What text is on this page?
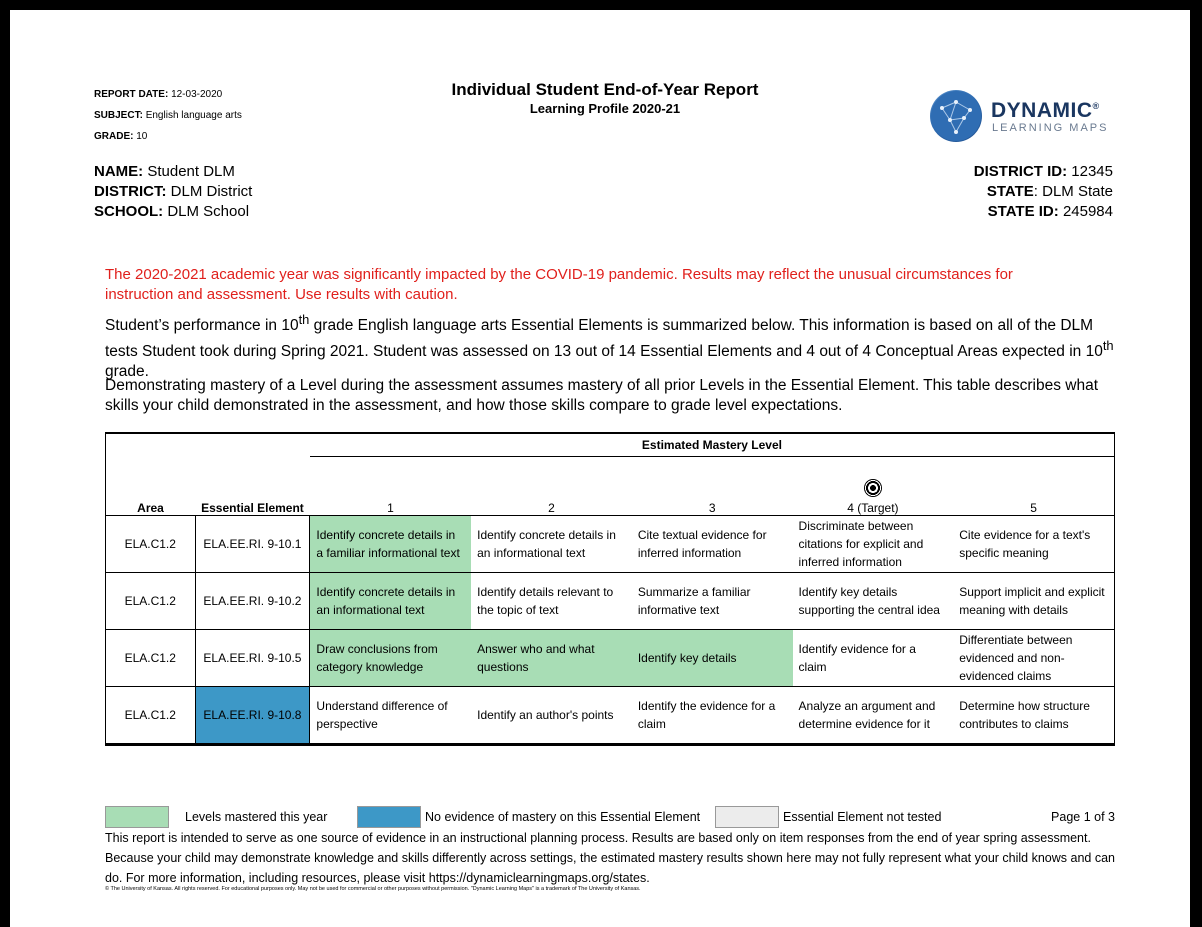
REPORT DATE: 12-03-2020
SUBJECT: English language arts
GRADE: 10
Individual Student End-of-Year Report
Learning Profile 2020-21	DYNAMIC®
LEARNING MAPS
NAME: Student DLM
DISTRICT: DLM District
SCHOOL: DLM School
DISTRICT ID: 12345
STATE: DLM State
STATE ID: 245984
The 2020-2021 academic year was significantly impacted by the COVID-19 pandemic. Results may reflect the unusual circumstances for instruction and assessment. Use results with caution.
Student’s performance in 10th grade English language arts Essential Elements is summarized below. This information is based on all of the DLM tests Student took during Spring 2021. Student was assessed on 13 out of 14 Essential Elements and 4 out of 4 Conceptual Areas expected in 10th grade.
Demonstrating mastery of a Level during the assessment assumes mastery of all prior Levels in the Essential Element. This table describes what skills your child demonstrated in the assessment, and how those skills compare to grade level expectations.
		Estimated Mastery Level				
Area	Essential Element	1	2	3	4 (Target)	5
ELA.C1.2	ELA.EE.RI. 9-10.1	Identify concrete details in a familiar informational text	Identify concrete details in an informational text	Cite textual evidence for inferred information	Discriminate between citations for explicit and inferred information	Cite evidence for a text's specific meaning
ELA.C1.2	ELA.EE.RI. 9-10.2	Identify concrete details in an informational text	Identify details relevant to the topic of text	Summarize a familiar informative text	Identify key details supporting the central idea	Support implicit and explicit meaning with details
ELA.C1.2	ELA.EE.RI. 9-10.5	Draw conclusions from category knowledge	Answer who and what questions	Identify key details	Identify evidence for a claim	Differentiate between evidenced and non-evidenced claims
ELA.C1.2	ELA.EE.RI. 9-10.8	Understand difference of perspective	Identify an author's points	Identify the evidence for a claim	Analyze an argument and determine evidence for it	Determine how structure contributes to claims
Levels mastered this year	No evidence of mastery on this Essential Element	Essential Element not tested	Page 1 of 3
This report is intended to serve as one source of evidence in an instructional planning process. Results are based only on item responses from the end of year spring assessment. Because your child may demonstrate knowledge and skills differently across settings, the estimated mastery results shown here may not fully represent what your child knows and can do. For more information, including resources, please visit https://dynamiclearningmaps.org/states.
© The University of Kansas. All rights reserved. For educational purposes only. May not be used for commercial or other purposes without permission. "Dynamic Learning Maps" is a trademark of The University of Kansas.
